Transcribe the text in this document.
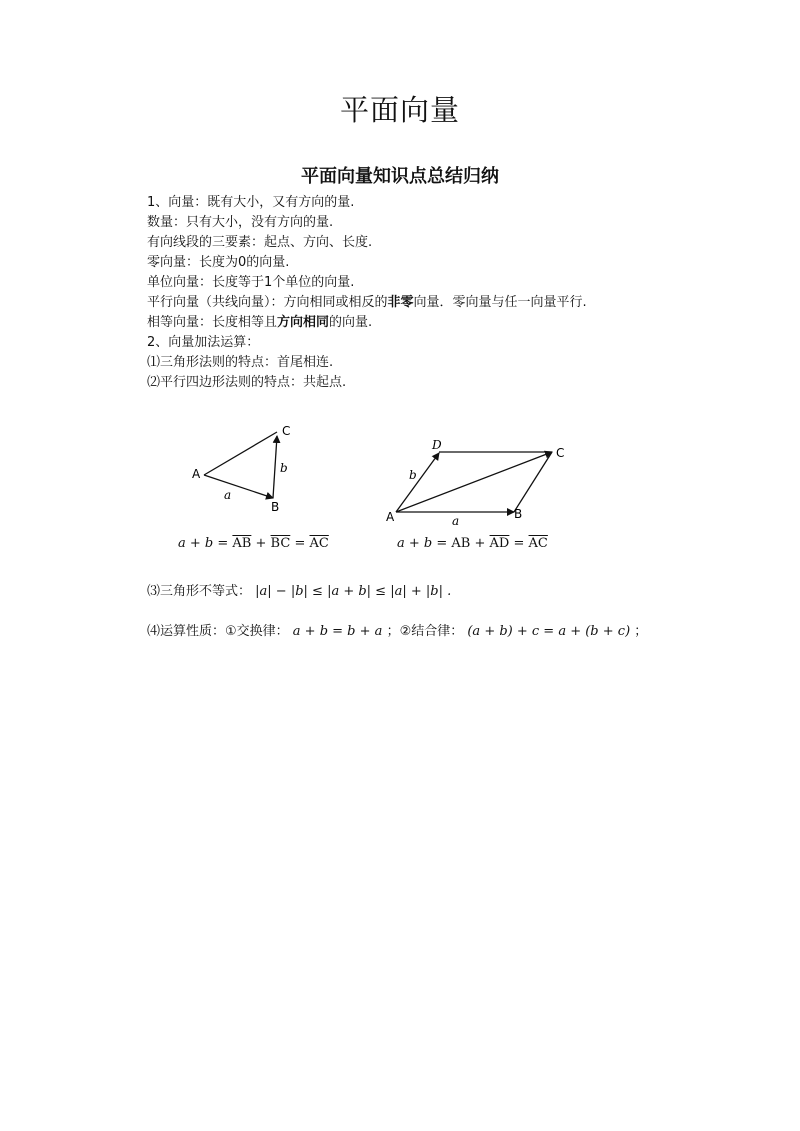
平面向量
平面向量知识点总结归纳
1、向量：既有大小，又有方向的量.
数量：只有大小，没有方向的量.
有向线段的三要素：起点、方向、长度.
零向量：长度为0的向量.
单位向量：长度等于1个单位的向量.
平行向量（共线向量）：方向相同或相反的非零向量．零向量与任一向量平行.
相等向量：长度相等且方向相同的向量.
2、向量加法运算：
⑴三角形法则的特点：首尾相连.
⑵平行四边形法则的特点：共起点.
A
B
C
a
b
$a + b = \overline{AB} + \overline{BC} = \overline{AC}$
A	B
C
D
a
b
a + b = AB + $\overline{AD} = \overline{AC}$
⑶三角形不等式： |a| − |b| ≤ |a + b| ≤ |a| + |b| .
⑷运算性质：①交换律： a + b = b + a ；②结合律： (a + b) + c = a + (b + c) ；
